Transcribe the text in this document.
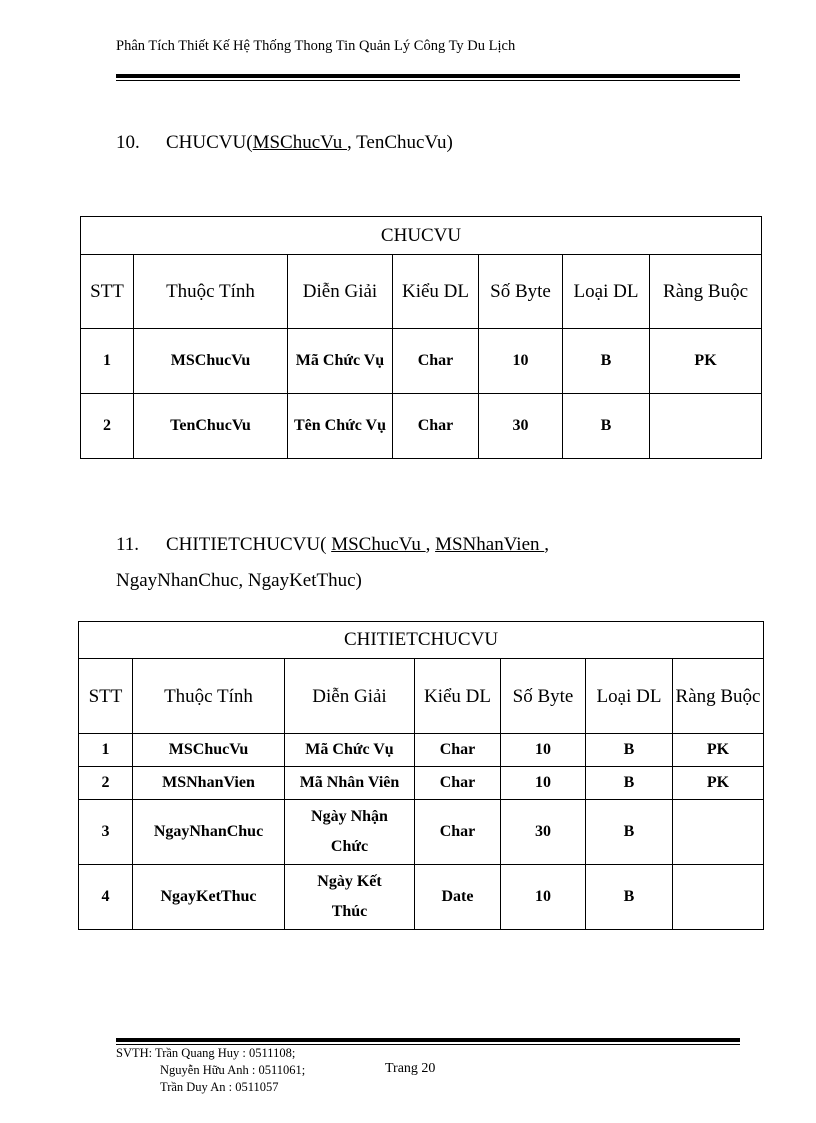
Phân Tích Thiết Kế Hệ Thống Thong Tin Quản Lý Công Ty Du Lịch
10. CHUCVU(MSChucVu , TenChucVu)
CHUCVU						
STT	Thuộc Tính	Diễn Giải	Kiểu DL	Số Byte	Loại DL	Ràng Buộc
1	MSChucVu	Mã Chức Vụ	Char	10	B	PK
2	TenChucVu	Tên Chức Vụ	Char	30	B	
11. CHITIETCHUCVU( MSChucVu , MSNhanVien ,
NgayNhanChuc, NgayKetThuc)
CHITIETCHUCVU						
STT	Thuộc Tính	Diễn Giải	Kiểu DL	Số Byte	Loại DL	Ràng Buộc
1	MSChucVu	Mã Chức Vụ	Char	10	B	PK
2	MSNhanVien	Mã Nhân Viên	Char	10	B	PK
3	NgayNhanChuc	Ngày Nhận Chức	Char	30	B	
4	NgayKetThuc	Ngày Kết Thúc	Date	10	B	
SVTH: Trần Quang Huy : 0511108;
Nguyễn Hữu Anh : 0511061;
Trần Duy An : 0511057
Trang 20
